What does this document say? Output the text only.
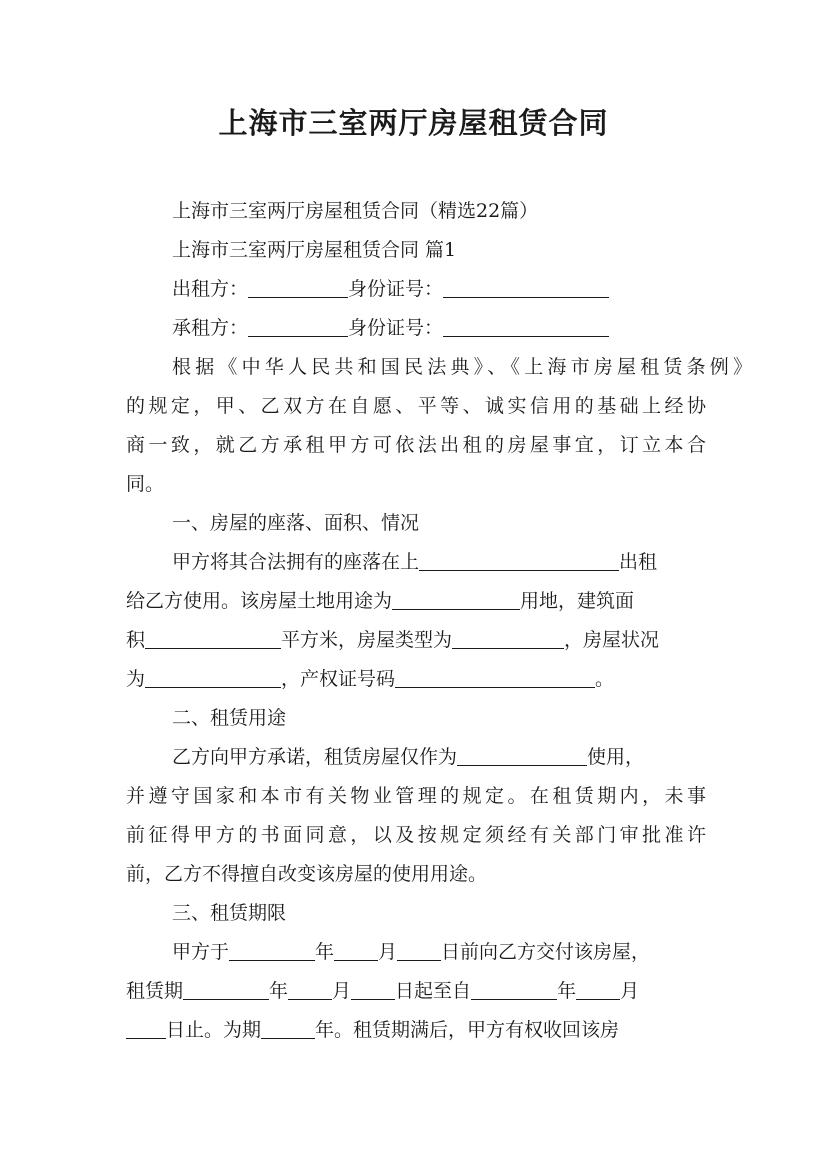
上海市三室两厅房屋租赁合同
上海市三室两厅房屋租赁合同（精选22篇）
上海市三室两厅房屋租赁合同 篇1
出租方：	身份证号：
承租方：	身份证号：
根据《中华人民共和国民法典》、《上海市房屋租赁条例》
的规定，甲、乙双方在自愿、平等、诚实信用的基础上经协
商一致，就乙方承租甲方可依法出租的房屋事宜，订立本合
同。
一、房屋的座落、面积、情况
甲方将其合法拥有的座落在上	出租
给乙方使用。该房屋土地用途为	用地，建筑面
积	平方米，房屋类型为	，房屋状况
为	，产权证号码	。
二、租赁用途
乙方向甲方承诺，租赁房屋仅作为	使用，
并遵守国家和本市有关物业管理的规定。在租赁期内，未事
前征得甲方的书面同意，以及按规定须经有关部门审批准许
前，乙方不得擅自改变该房屋的使用用途。
三、租赁期限
甲方于	年 月 日前向乙方交付该房屋，
租赁期	年 月 日起至自	年 月
日止。为期	年。租赁期满后，甲方有权收回该房
